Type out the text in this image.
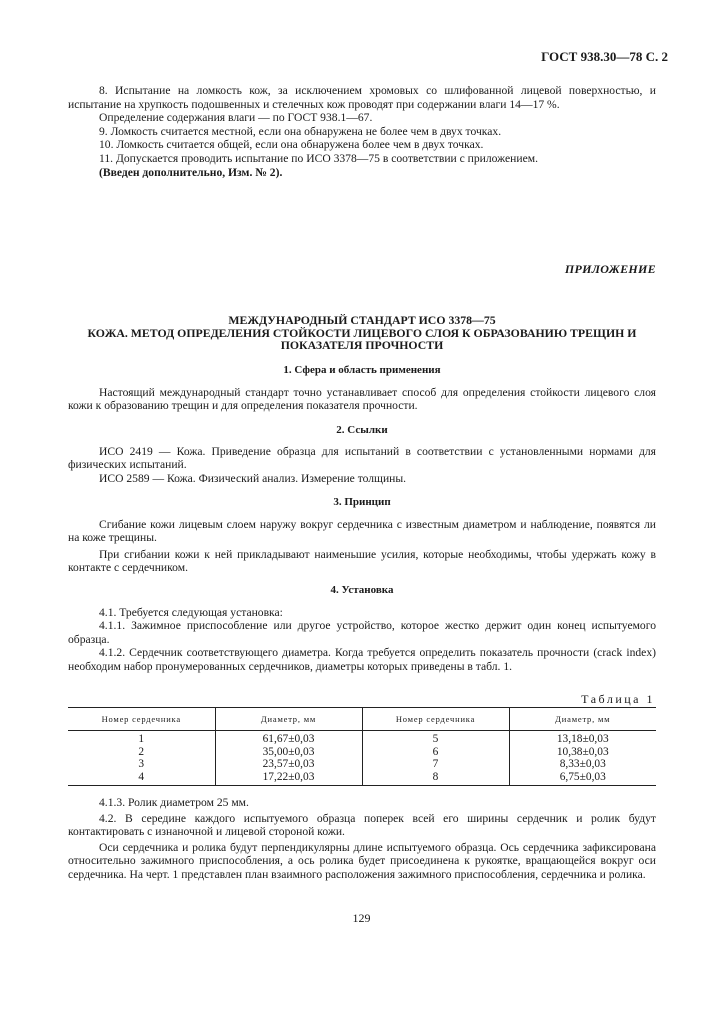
ГОСТ 938.30—78 С. 2

8. Испытание на ломкость кож, за исключением хромовых со шлифованной лицевой поверхностью, и испытание на хрупкость подошвенных и стелечных кож проводят при содержании влаги 14—17 %.

Определение содержания влаги — по ГОСТ 938.1—67.

9. Ломкость считается местной, если она обнаружена не более чем в двух точках.

10. Ломкость считается общей, если она обнаружена более чем в двух точках.

11. Допускается проводить испытание по ИСО 3378—75 в соответствии с приложением.

(Введен дополнительно, Изм. № 2).

ПРИЛОЖЕНИЕ
МЕЖДУНАРОДНЫЙ СТАНДАРТ ИСО 3378—75
КОЖА. МЕТОД ОПРЕДЕЛЕНИЯ СТОЙКОСТИ ЛИЦЕВОГО СЛОЯ К ОБРАЗОВАНИЮ ТРЕЩИН И ПОКАЗАТЕЛЯ ПРОЧНОСТИ
1. Сфера и область применения

Настоящий международный стандарт точно устанавливает способ для определения стойкости лицевого слоя кожи к образованию трещин и для определения показателя прочности.

2. Ссылки

ИСО 2419 — Кожа. Приведение образца для испытаний в соответствии с установленными нормами для физических испытаний.

ИСО 2589 — Кожа. Физический анализ. Измерение толщины.

3. Принцип

Сгибание кожи лицевым слоем наружу вокруг сердечника с известным диаметром и наблюдение, появятся ли на коже трещины.

При сгибании кожи к ней прикладывают наименьшие усилия, которые необходимы, чтобы удержать кожу в контакте с сердечником.

4. Установка

4.1. Требуется следующая установка:

4.1.1. Зажимное приспособление или другое устройство, которое жестко держит один конец испытуемого образца.

4.1.2. Сердечник соответствующего диаметра. Когда требуется определить показатель прочности (crack index) необходим набор пронумерованных сердечников, диаметры которых приведены в табл. 1.

Таблица 1
Номер сердечника	Диаметр, мм	Номер сердечника	Диаметр, мм
1	61,67±0,03	5	13,18±0,03
2	35,00±0,03	6	10,38±0,03
3	23,57±0,03	7	8,33±0,03
4	17,22±0,03	8	6,75±0,03

4.1.3. Ролик диаметром 25 мм.

4.2. В середине каждого испытуемого образца поперек всей его ширины сердечник и ролик будут контактировать с изнаночной и лицевой стороной кожи.

Оси сердечника и ролика будут перпендикулярны длине испытуемого образца. Ось сердечника зафиксирована относительно зажимного приспособления, а ось ролика будет присоединена к рукоятке, вращающейся вокруг оси сердечника. На черт. 1 представлен план взаимного расположения зажимного приспособления, сердечника и ролика.

129
